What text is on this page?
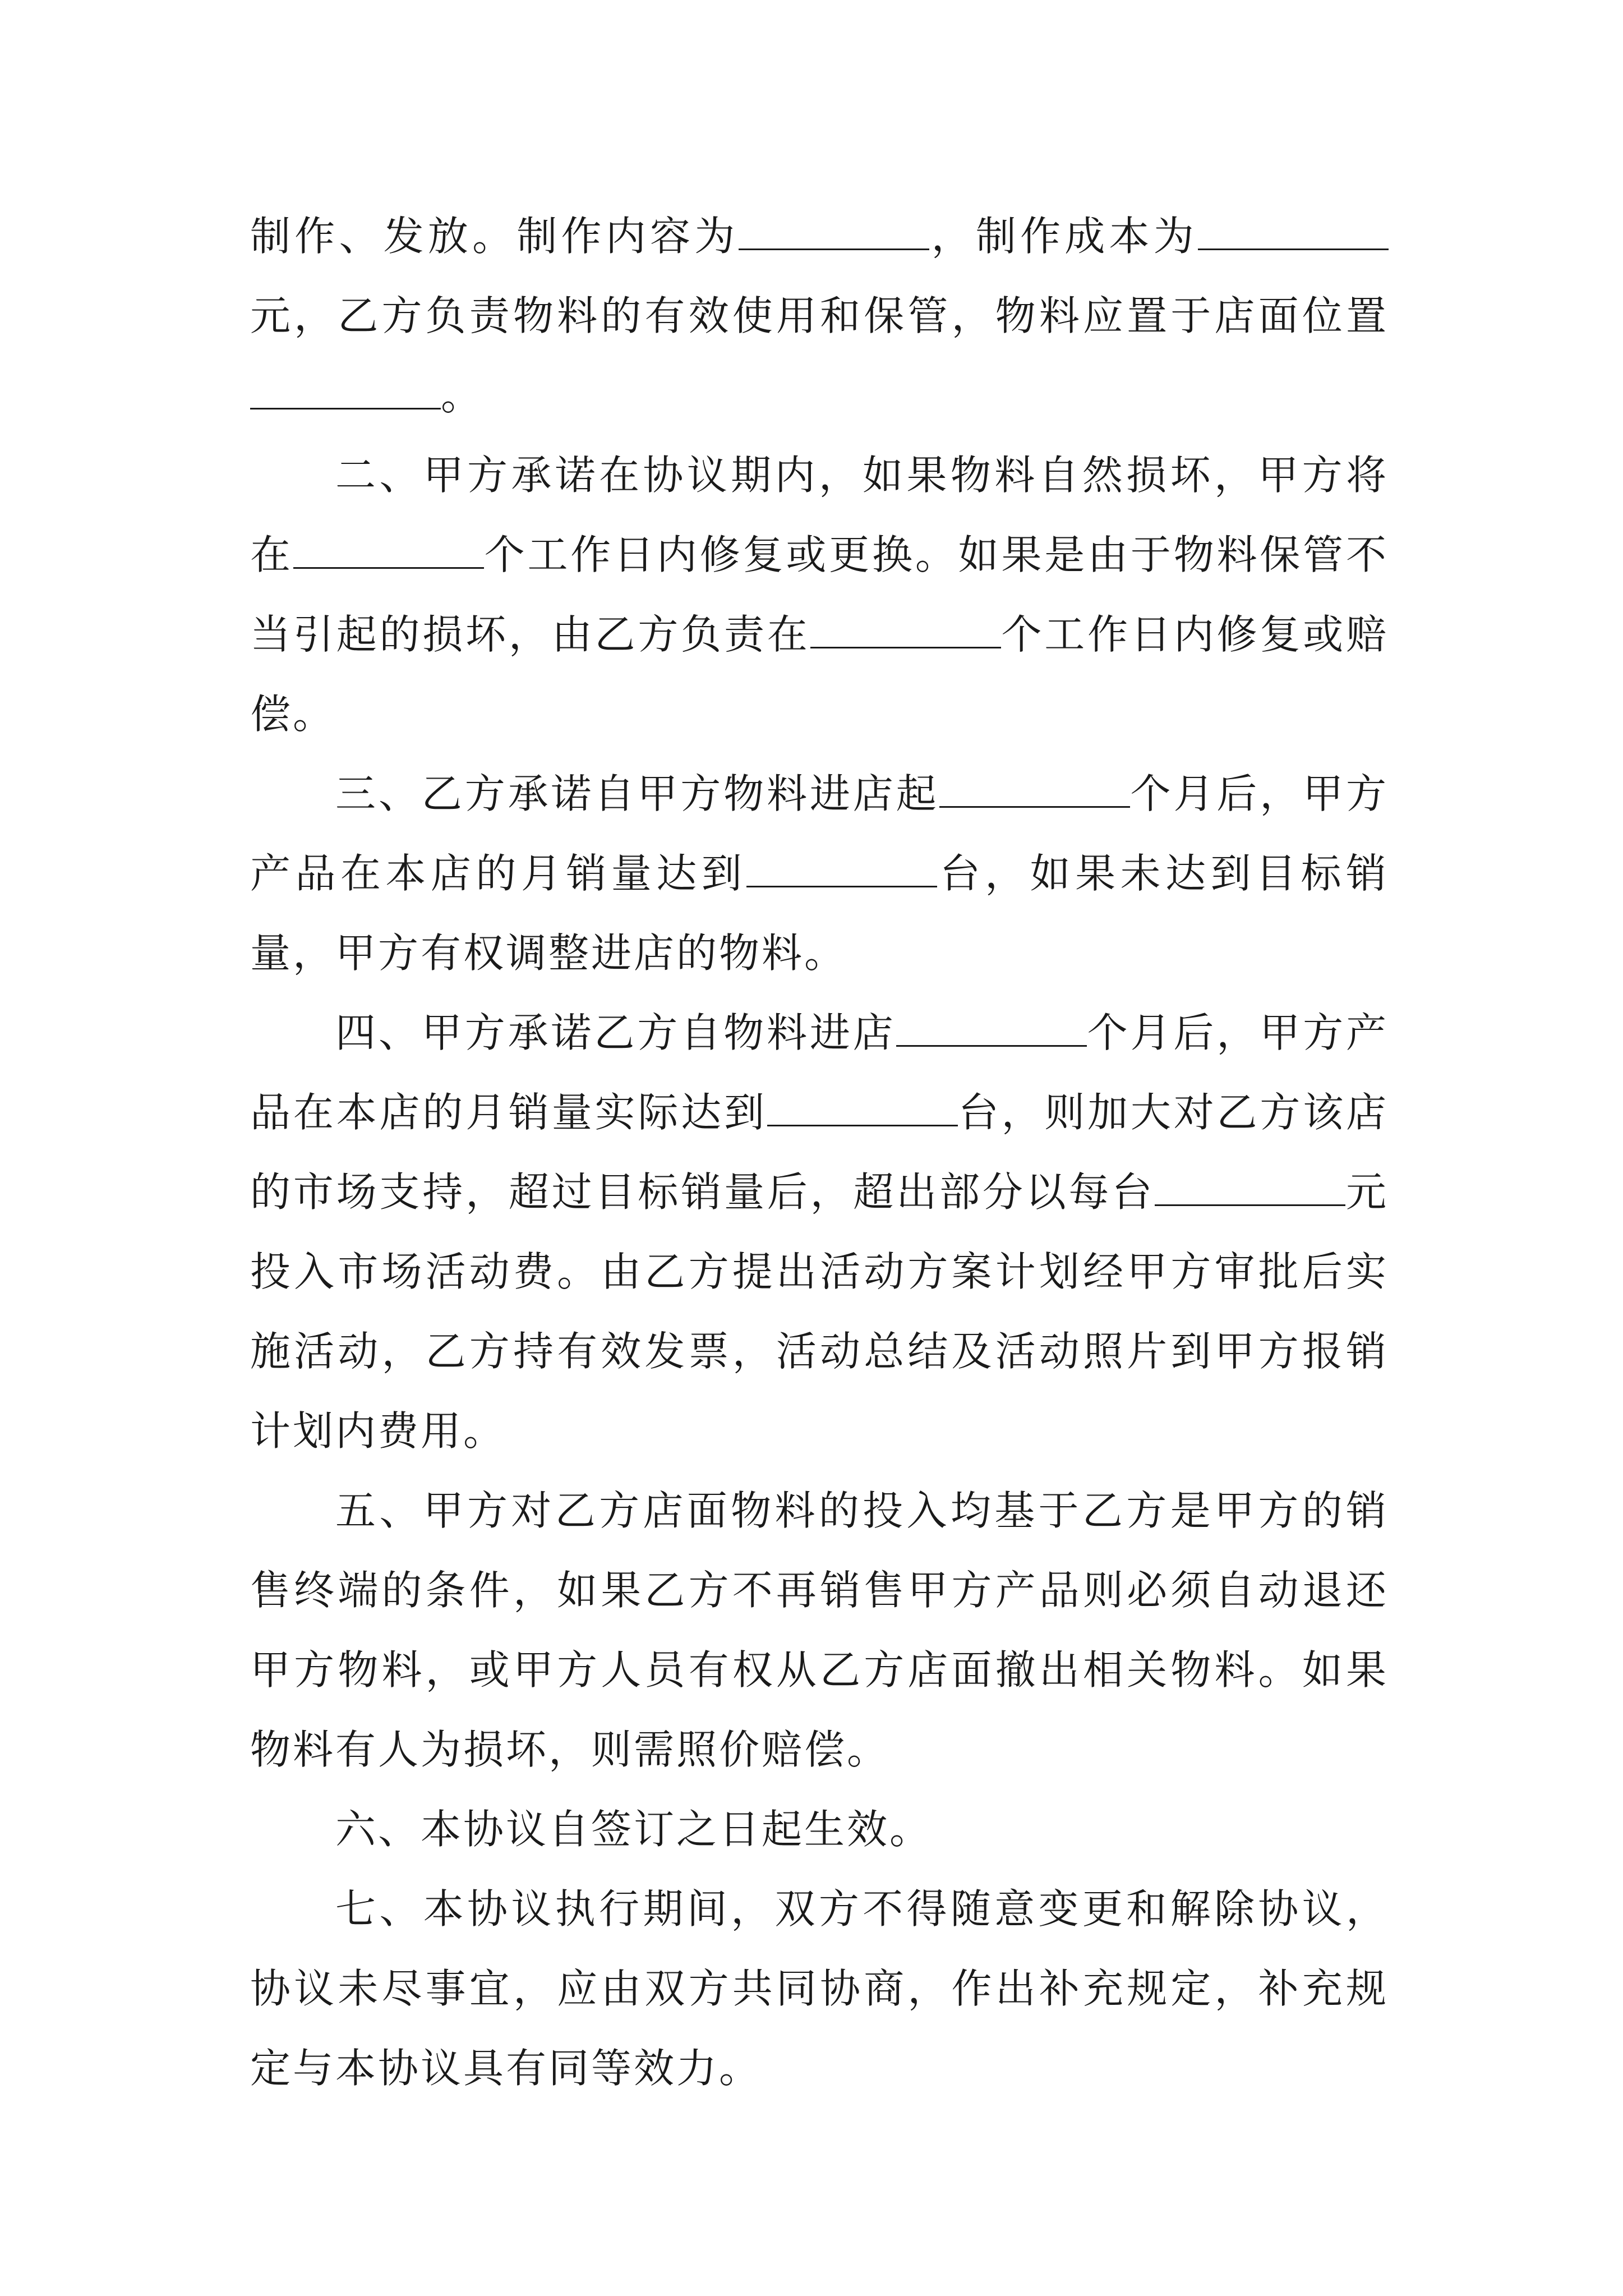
制作、发放。制作内容为	，制作成本为元，乙方负责物料的有效使用和保管，物料应置于店面位置。

二、甲方承诺在协议期内，如果物料自然损坏，甲方将在	个工作日内修复或更换。如果是由于物料保管不当引起的损坏，由乙方负责在	个工作日内修复或赔偿。

三、乙方承诺自甲方物料进店起	个月后，甲方产品在本店的月销量达到	台，如果未达到目标销量，甲方有权调整进店的物料。

四、甲方承诺乙方自物料进店	个月后，甲方产品在本店的月销量实际达到	台，则加大对乙方该店的市场支持，超过目标销量后，超出部分以每台	元投入市场活动费。由乙方提出活动方案计划经甲方审批后实施活动，乙方持有效发票，活动总结及活动照片到甲方报销计划内费用。

五、甲方对乙方店面物料的投入均基于乙方是甲方的销售终端的条件，如果乙方不再销售甲方产品则必须自动退还甲方物料，或甲方人员有权从乙方店面撤出相关物料。如果物料有人为损坏，则需照价赔偿。

六、本协议自签订之日起生效。

七、本协议执行期间，双方不得随意变更和解除协议，协议未尽事宜，应由双方共同协商，作出补充规定，补充规定与本协议具有同等效力。
